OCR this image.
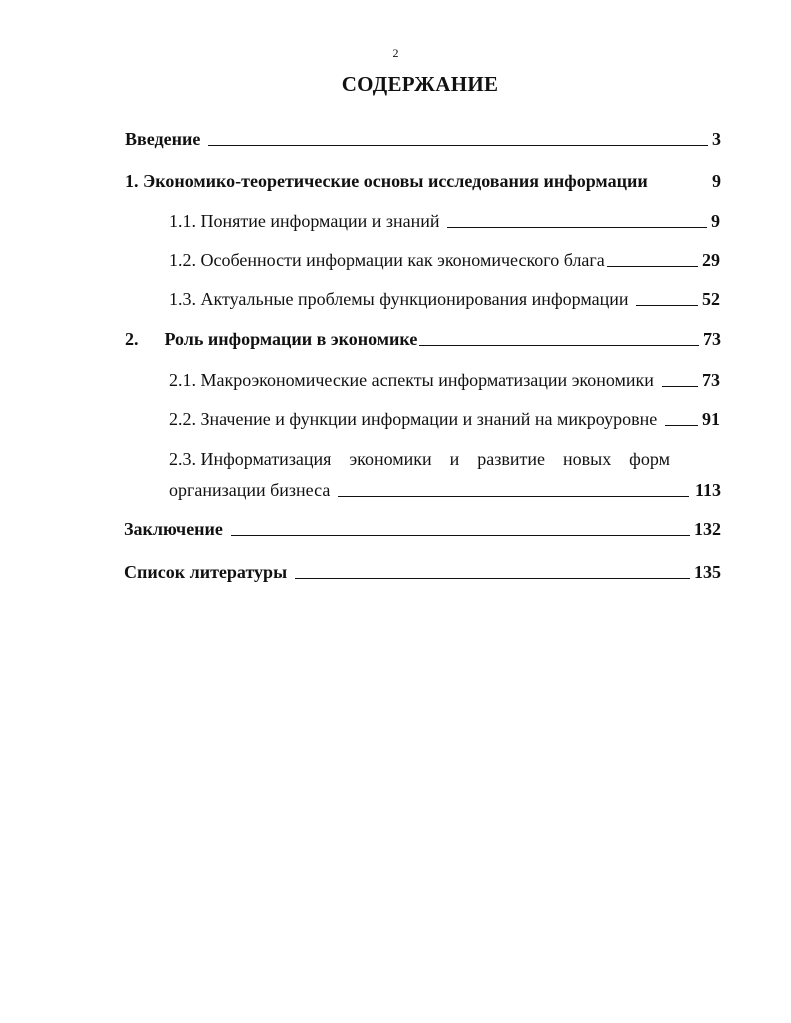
2
СОДЕРЖАНИЕ
Введение	3
1. Экономико-теоретические основы исследования информации	9
1.1. Понятие информации и знаний	9
1.2. Особенности информации как экономического блага	29
1.3. Актуальные проблемы функционирования информации	52
2. Роль информации в экономике	73
2.1. Макроэкономические аспекты информатизации экономики	73
2.2. Значение и функции информации и знаний на микроуровне 91
2.3. Информатизация экономики и развитие новых форм
организации бизнеса	113
Заключение	132
Список литературы	135
